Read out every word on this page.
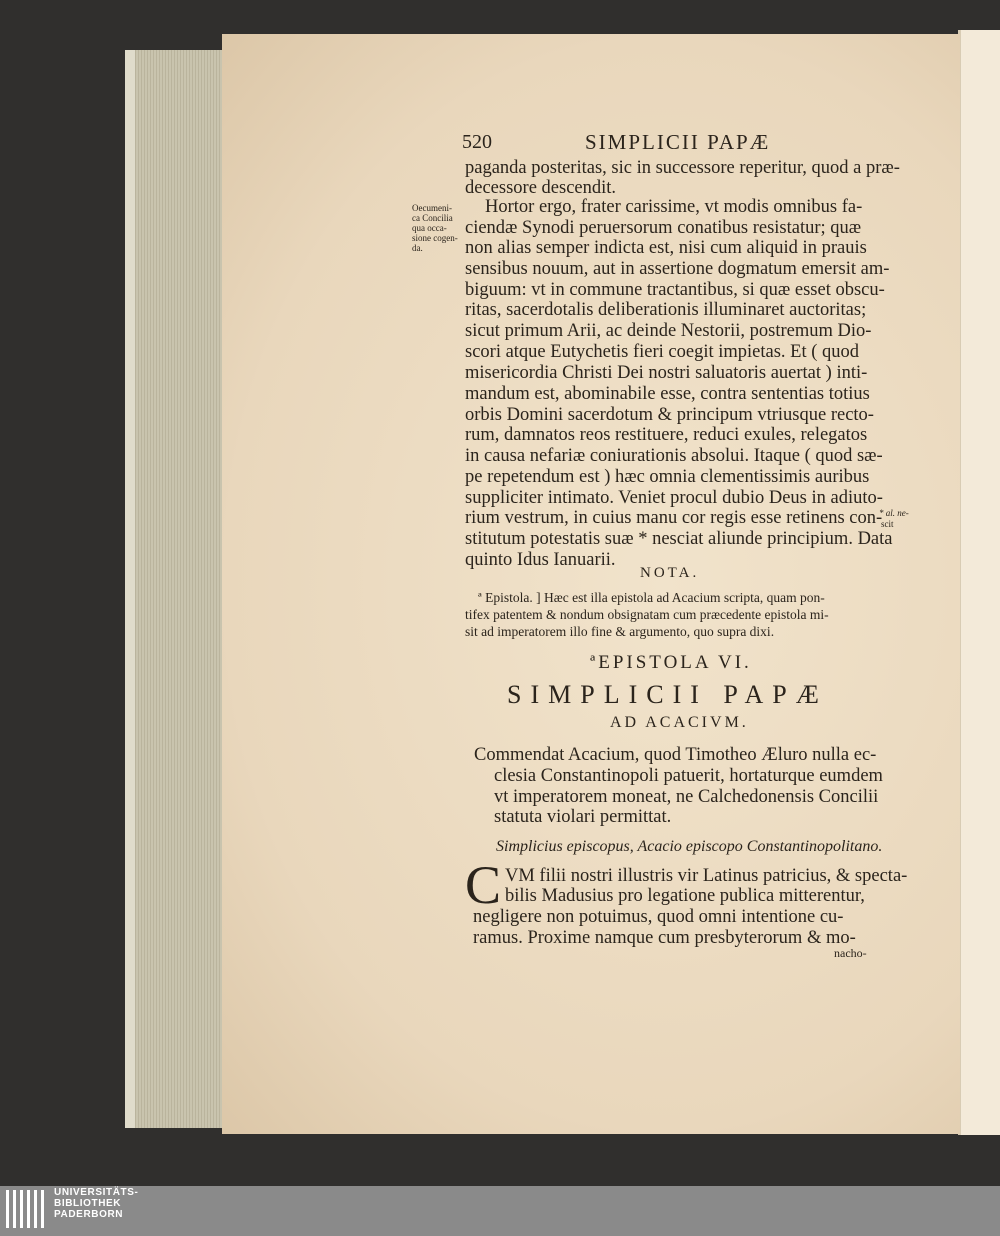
520	SIMPLICII PAPÆ
paganda posteritas, sic in successore reperitur, quod a præ-
decessore descendit.
Oecumeni-
ca Concilia
qua occa-
sione cogen-
da.
Hortor ergo, frater carissime, vt modis omnibus fa-
ciendæ Synodi peruersorum conatibus resistatur; quæ
non alias semper indicta est, nisi cum aliquid in prauis
sensibus nouum, aut in assertione dogmatum emersit am-
biguum: vt in commune tractantibus, si quæ esset obscu-
ritas, sacerdotalis deliberationis illuminaret auctoritas;
sicut primum Arii, ac deinde Nestorii, postremum Dio-
scori atque Eutychetis fieri coegit impietas. Et ( quod
misericordia Christi Dei nostri saluatoris auertat ) inti-
mandum est, abominabile esse, contra sententias totius
orbis Domini sacerdotum & principum vtriusque recto-
rum, damnatos reos restituere, reduci exules, relegatos
in causa nefariæ coniurationis absolui. Itaque ( quod sæ-
pe repetendum est ) hæc omnia clementissimis auribus
suppliciter intimato. Veniet procul dubio Deus in adiuto-
rium vestrum, in cuius manu cor regis esse retinens con-
stitutum potestatis suæ * nesciat aliunde principium. Data
quinto Idus Ianuarii.
* al. ne-
scit
NOTA.
ª Epistola. ] Hæc est illa epistola ad Acacium scripta, quam pon-
tifex patentem & nondum obsignatam cum præcedente epistola mi-
sit ad imperatorem illo fine & argumento, quo supra dixi.
ªEPISTOLA VI.
SIMPLICII PAPÆ
AD ACACIVM.
Commendat Acacium, quod Timotheo Æluro nulla ec-
clesia Constantinopoli patuerit, hortaturque eumdem
vt imperatorem moneat, ne Calchedonensis Concilii
statuta violari permittat.
Simplicius episcopus, Acacio episcopo Constantinopolitano.
C VM filii nostri illustris vir Latinus patricius, & specta-
bilis Madusius pro legatione publica mitterentur,
negligere non potuimus, quod omni intentione cu-
ramus. Proxime namque cum presbyterorum & mo-
nacho-
UNIVERSITÄTS-
BIBLIOTHEK
PADERBORN
